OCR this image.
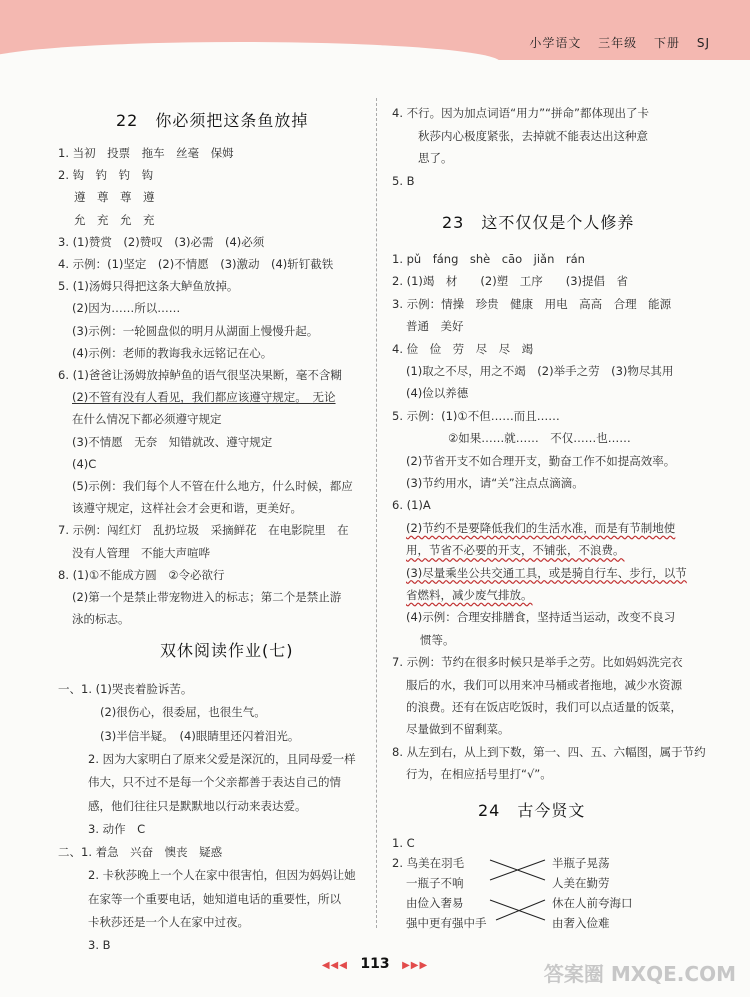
小学语文 三年级 下册 SJ
22　你必须把这条鱼放掉
1. 当初　投票　拖车　丝毫　保姆
2. 钩　钓　钓　钩
遵　尊　尊　遵
允　充　允　充
3. (1)赞赏　(2)赞叹　(3)必需　(4)必须
4. 示例：(1)坚定　(2)不情愿　(3)激动　(4)斩钉截铁
5. (1)汤姆只得把这条大鲈鱼放掉。
(2)因为……所以……
(3)示例：一轮圆盘似的明月从湖面上慢慢升起。
(4)示例：老师的教诲我永远铭记在心。
6. (1)爸爸让汤姆放掉鲈鱼的语气很坚决果断，毫不含糊
(2)不管有没有人看见，我们都应该遵守规定。　无论
在什么情况下都必须遵守规定
(3)不情愿　无奈　知错就改、遵守规定
(4)C
(5)示例：我们每个人不管在什么地方，什么时候，都应
该遵守规定，这样社会才会更和谐，更美好。
7. 示例：闯红灯　乱扔垃圾　采摘鲜花　在电影院里　在
没有人管理　不能大声喧哗
8. (1)①不能成方圆　②令必欲行
(2)第一个是禁止带宠物进入的标志；第二个是禁止游
泳的标志。
双休阅读作业(七)
一、1. (1)哭丧着脸诉苦。
(2)很伤心，很委屈，也很生气。
(3)半信半疑。　(4)眼睛里还闪着泪光。
2. 因为大家明白了原来父爱是深沉的，且同母爱一样
伟大，只不过不是每一个父亲都善于表达自己的情
感，他们往往只是默默地以行动来表达爱。
3. 动作　C
二、1. 着急　兴奋　懊丧　疑惑
2. 卡秋莎晚上一个人在家中很害怕，但因为妈妈让她
在家等一个重要电话，她知道电话的重要性，所以
卡秋莎还是一个人在家中过夜。
3. B
4. 不行。因为加点词语“用力”“拼命”都体现出了卡
秋莎内心极度紧张，去掉就不能表达出这种意
思了。
5. B
23　这不仅仅是个人修养
1. pǔ　fáng　shè　cāo　jiǎn　rán
2. (1)竭　材　　(2)塑　工序　　(3)提倡　省
3. 示例：情操　珍贵　健康　用电　高高　合理　能源
普通　美好
4. 俭　俭　劳　尽　尽　竭
(1)取之不尽，用之不竭　(2)举手之劳　(3)物尽其用
(4)俭以养德
5. 示例：(1)①不但……而且……
②如果……就……　不仅……也……
(2)节省开支不如合理开支，勤奋工作不如提高效率。
(3)节约用水，请“关”注点点滴滴。
6. (1)A
(2)节约不是要降低我们的生活水准，而是有节制地使
用，节省不必要的开支，不铺张，不浪费。
(3)尽量乘坐公共交通工具，或是骑自行车、步行，以节
省燃料，减少废气排放。
(4)示例：合理安排膳食，坚持适当运动，改变不良习
惯等。
7. 示例：节约在很多时候只是举手之劳。比如妈妈洗完衣
服后的水，我们可以用来冲马桶或者拖地，减少水资源
的浪费。还有在饭店吃饭时，我们可以点适量的饭菜，
尽量做到不留剩菜。
8. 从左到右，从上到下数，第一、四、五、六幅图，属于节约
行为，在相应括号里打“√”。
24　古今贤文
1. C
2. 鸟美在羽毛
一瓶子不响
由俭入奢易
强中更有强中手
半瓶子晃荡
人美在勤劳
休在人前夸海口
由奢入俭难
◀◀◀ 113 ▶▶▶	答案圈 MXQE.COM
